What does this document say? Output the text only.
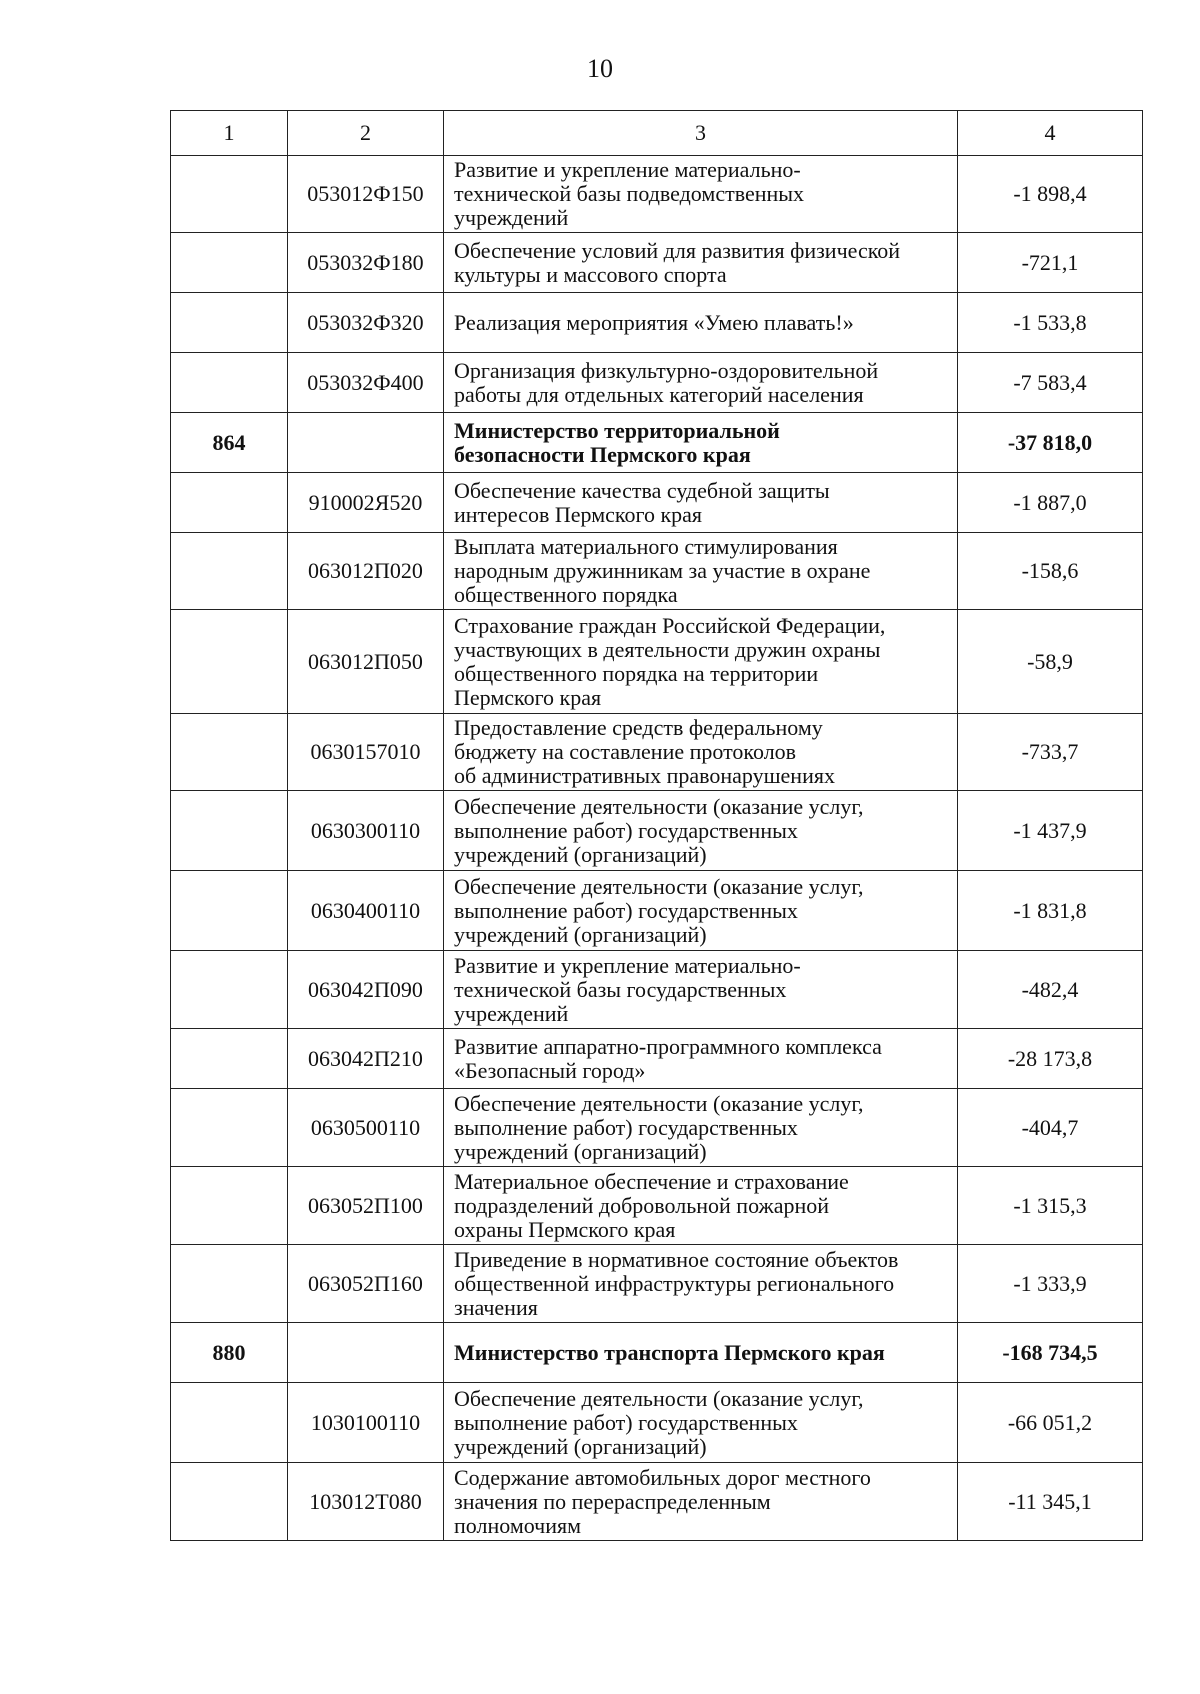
10
1	2	3	4
	053012Ф150	Развитие и укрепление материально-
технической базы подведомственных
учреждений	-1 898,4
	053032Ф180	Обеспечение условий для развития физической
культуры и массового спорта	-721,1
	053032Ф320	Реализация мероприятия «Умею плавать!»	-1 533,8
	053032Ф400	Организация физкультурно-оздоровительной
работы для отдельных категорий населения	-7 583,4
864		Министерство территориальной
безопасности Пермского края	-37 818,0
	910002Я520	Обеспечение качества судебной защиты
интересов Пермского края	-1 887,0
	063012П020	Выплата материального стимулирования
народным дружинникам за участие в охране
общественного порядка	-158,6
	063012П050	Страхование граждан Российской Федерации,
участвующих в деятельности дружин охраны
общественного порядка на территории
Пермского края	-58,9
	0630157010	Предоставление средств федеральному
бюджету на составление протоколов
об административных правонарушениях	-733,7
	0630300110	Обеспечение деятельности (оказание услуг,
выполнение работ) государственных
учреждений (организаций)	-1 437,9
	0630400110	Обеспечение деятельности (оказание услуг,
выполнение работ) государственных
учреждений (организаций)	-1 831,8
	063042П090	Развитие и укрепление материально-
технической базы государственных
учреждений	-482,4
	063042П210	Развитие аппаратно-программного комплекса
«Безопасный город»	-28 173,8
	0630500110	Обеспечение деятельности (оказание услуг,
выполнение работ) государственных
учреждений (организаций)	-404,7
	063052П100	Материальное обеспечение и страхование
подразделений добровольной пожарной
охраны Пермского края	-1 315,3
	063052П160	Приведение в нормативное состояние объектов
общественной инфраструктуры регионального
значения	-1 333,9
880		Министерство транспорта Пермского края	-168 734,5
	1030100110	Обеспечение деятельности (оказание услуг,
выполнение работ) государственных
учреждений (организаций)	-66 051,2
	103012Т080	Содержание автомобильных дорог местного
значения по перераспределенным
полномочиям	-11 345,1
